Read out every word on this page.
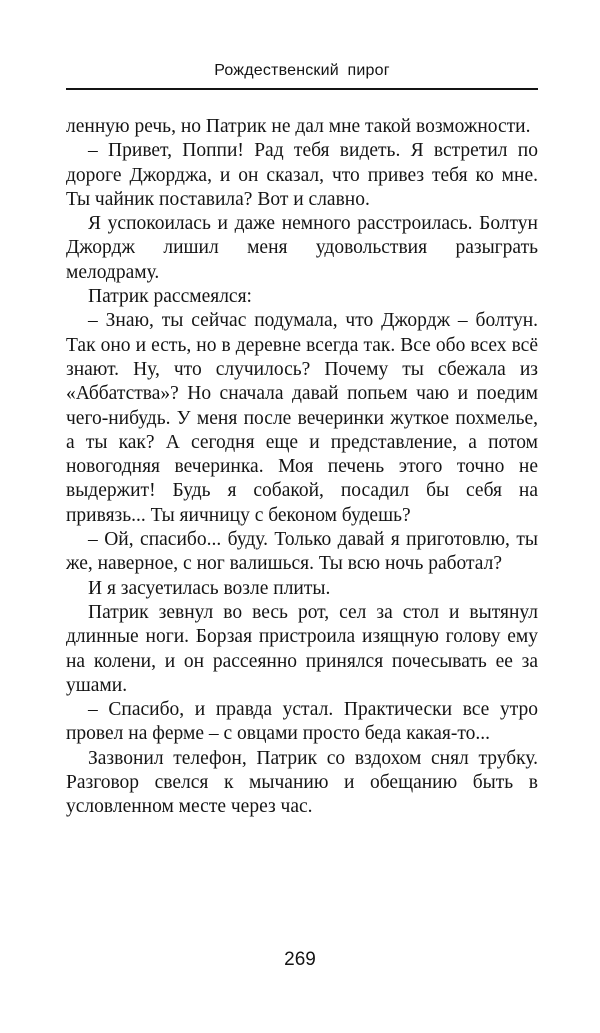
Рождественский пирог

ленную речь, но Патрик не дал мне такой возможности.

– Привет, Поппи! Рад тебя видеть. Я встретил по дороге Джорджа, и он сказал, что привез тебя ко мне. Ты чайник поставила? Вот и славно.

Я успокоилась и даже немного расстроилась. Болтун Джордж лишил меня удовольствия разыграть мелодраму.

Патрик рассмеялся:

– Знаю, ты сейчас подумала, что Джордж – болтун. Так оно и есть, но в деревне всегда так. Все обо всех всё знают. Ну, что случилось? Почему ты сбежала из «Аббатства»? Но сначала давай попьем чаю и поедим чего-нибудь. У меня после вечеринки жуткое похмелье, а ты как? А сегодня еще и представление, а потом новогодняя вечеринка. Моя печень этого точно не выдержит! Будь я собакой, посадил бы себя на привязь... Ты яичницу с беконом будешь?

– Ой, спасибо... буду. Только давай я приготовлю, ты же, наверное, с ног валишься. Ты всю ночь работал?

И я засуетилась возле плиты.

Патрик зевнул во весь рот, сел за стол и вытянул длинные ноги. Борзая пристроила изящную голову ему на колени, и он рассеянно принялся почесывать ее за ушами.

– Спасибо, и правда устал. Практически все утро провел на ферме – с овцами просто беда какая-то...

Зазвонил телефон, Патрик со вздохом снял трубку. Разговор свелся к мычанию и обещанию быть в условленном месте через час.

269
